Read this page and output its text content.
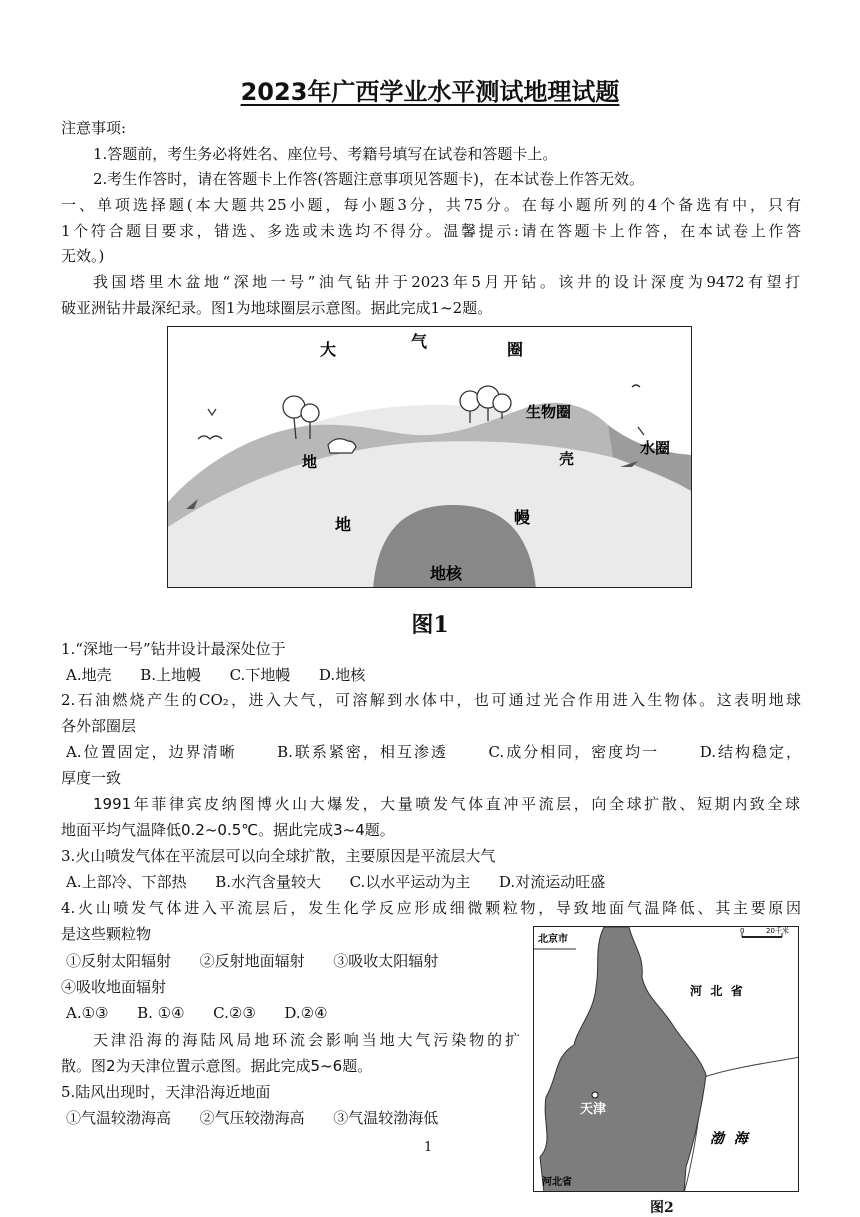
2023年广西学业水平测试地理试题
注意事项:
1.答题前，考生务必将姓名、座位号、考籍号填写在试卷和答题卡上。
2.考生作答时，请在答题卡上作答(答题注意事项见答题卡)，在本试卷上作答无效。
一、单项选择题(本大题共25小题，每小题3分，共75分。在每小题所列的4个备选有中，只有
1个符合题目要求，错选、多选或未选均不得分。温馨提示:请在答题卡上作答，在本试卷上作答
无效。)
我国塔里木盆地“深地一号”油气钻井于2023年5月开钻。该井的设计深度为9472有望打
破亚洲钻井最深纪录。图1为地球圈层示意图。据此完成1~2题。
大	气	圈
生物圈
地	壳
水圈
地	幔
地核
图1
1.“深地一号”钻井设计最深处位于
A.地壳      B.上地幔      C.下地幔      D.地核
2.石油燃烧产生的CO₂，进入大气，可溶解到水体中，也可通过光合作用进入生物体。这表明地球
各外部圈层
A.位置固定，边界清晰      B.联系紧密，相互渗透      C.成分相同，密度均一      D.结构稳定，
厚度一致
1991年菲律宾皮纳图博火山大爆发，大量喷发气体直冲平流层，向全球扩散、短期内致全球
地面平均气温降低0.2~0.5℃。据此完成3~4题。
3.火山喷发气体在平流层可以向全球扩散，主要原因是平流层大气
A.上部冷、下部热      B.水汽含量较大      C.以水平运动为主      D.对流运动旺盛
4.火山喷发气体进入平流层后，发生化学反应形成细微颗粒物，导致地面气温降低、其主要原因
是这些颗粒物
①反射太阳辐射      ②反射地面辐射      ③吸收太阳辐射
④吸收地面辐射
A.①③      B. ①④      C.②③      D.②④
天津沿海的海陆风局地环流会影响当地大气污染物的扩
散。图2为天津位置示意图。据此完成5~6题。
5.陆风出现时，天津沿海近地面
①气温较渤海高      ②气压较渤海高      ③气温较渤海低
1
北京市
河北省
河  北  省
天津
渤  海
河北省
0	20千米
图2
